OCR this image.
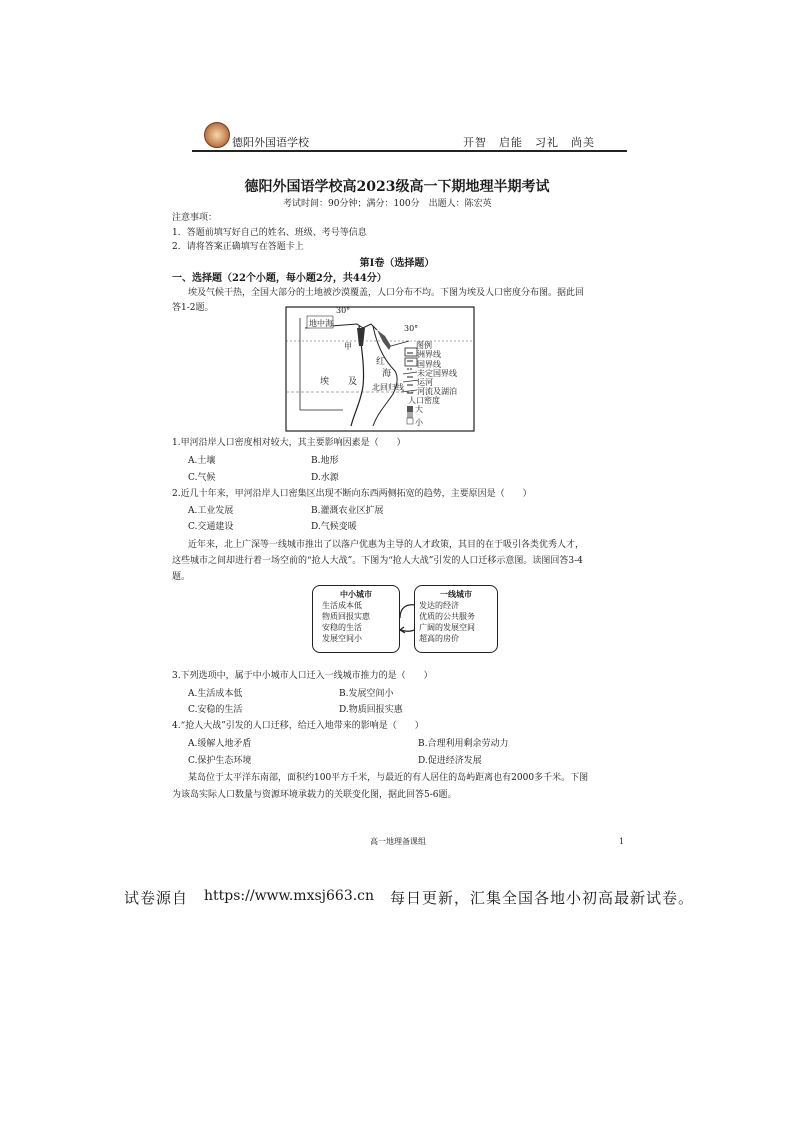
德阳外国语学校	开智　启能　习礼　尚美
德阳外国语学校高2023级高一下期地理半期考试
考试时间：90分钟；满分：100分　出题人：陈宏英
注意事项：
1．答题前填写好自己的姓名、班级、考号等信息
2．请将答案正确填写在答题卡上
第Ⅰ卷（选择题）
一、选择题（22个小题，每小题2分，共44分）
埃及气候干热，全国大部分的土地被沙漠覆盖，人口分布不均。下图为埃及人口密度分布图。据此回
答1-2题。	30°
30°
地中海
甲
红
海
埃 及
北回归线
图例
洲界线
国界线
未定国界线
运河
河流及湖泊
人口密度
大
小
1.甲河沿岸人口密度相对较大，其主要影响因素是（　　）
A.土壤	B.地形
C.气候	D.水源
2.近几十年来，甲河沿岸人口密集区出现不断向东西两侧拓宽的趋势，主要原因是（　　）
A.工业发展	B.灌溉农业区扩展
C.交通建设	D.气候变暖
近年来，北上广深等一线城市推出了以落户优惠为主导的人才政策，其目的在于吸引各类优秀人才，
这些城市之间却进行着一场空前的“抢人大战”。下图为“抢人大战”引发的人口迁移示意图。读图回答3-4
题。
中小城市
生活成本低
物质回报实惠
安稳的生活
发展空间小
一线城市
发达的经济
优质的公共服务
广阔的发展空间
超高的房价
3.下列选项中，属于中小城市人口迁入一线城市推力的是（　　）
A.生活成本低	B.发展空间小
C.安稳的生活	D.物质回报实惠
4.“抢人大战”引发的人口迁移，给迁入地带来的影响是（　　）
A.缓解人地矛盾	B.合理利用剩余劳动力
C.保护生态环境	D.促进经济发展
某岛位于太平洋东南部，面积约100平方千米，与最近的有人居住的岛屿距离也有2000多千米。下图
为该岛实际人口数量与资源环境承载力的关联变化图，据此回答5-6题。
高一地理备课组	1
试卷源自 https://www.mxsj663.cn 每日更新，汇集全国各地小初高最新试卷。
